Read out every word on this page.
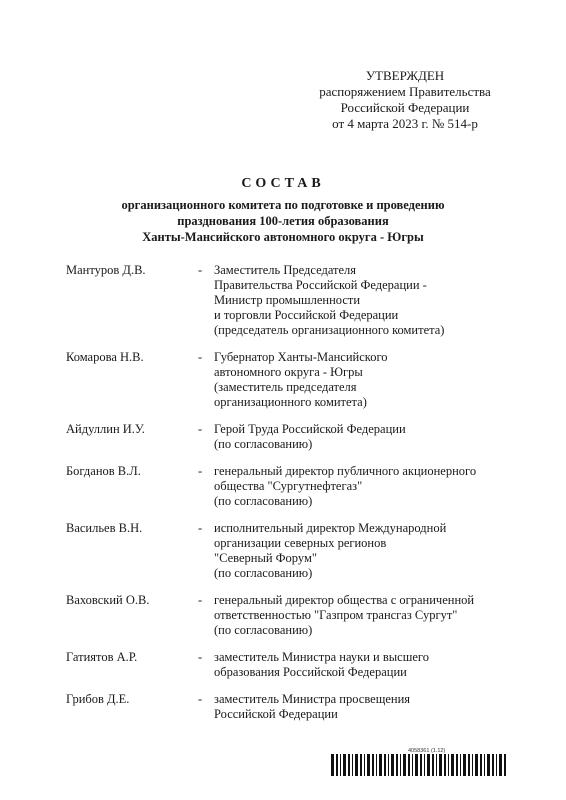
УТВЕРЖДЕН
распоряжением Правительства
Российской Федерации
от 4 марта 2023 г. № 514-р
СОСТАВ
организационного комитета по подготовке и проведению
празднования 100-летия образования
Ханты-Мансийского автономного округа - Югры
Мантуров Д.В.	- Заместитель Председателя
Правительства Российской Федерации -
Министр промышленности
и торговли Российской Федерации
(председатель организационного комитета)
Комарова Н.В.	- Губернатор Ханты-Мансийского
автономного округа - Югры
(заместитель председателя
организационного комитета)
Айдуллин И.У.	- Герой Труда Российской Федерации
(по согласованию)
Богданов В.Л.	- генеральный директор публичного акционерного
общества "Сургутнефтегаз"
(по согласованию)
Васильев В.Н.	- исполнительный директор Международной
организации северных регионов
"Северный Форум"
(по согласованию)
Ваховский О.В.	- генеральный директор общества с ограниченной
ответственностью "Газпром трансгаз Сургут"
(по согласованию)
Гатиятов А.Р.	- заместитель Министра науки и высшего
образования Российской Федерации
Грибов Д.Е.	- заместитель Министра просвещения
Российской Федерации
4058361 (1.12)
